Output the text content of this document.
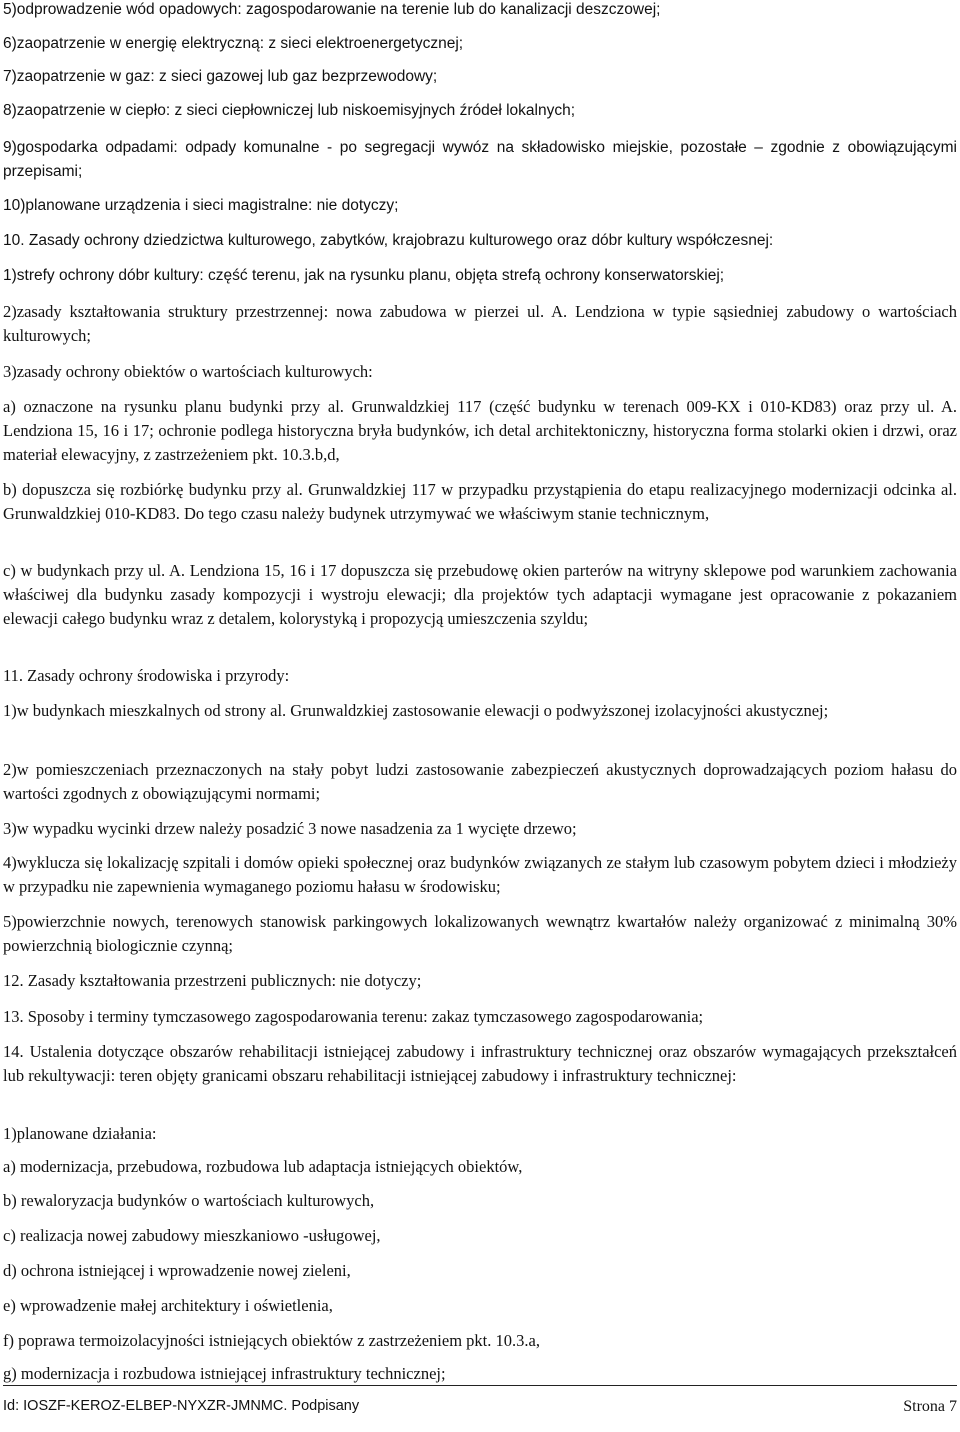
5)odprowadzenie wód opadowych: zagospodarowanie na terenie lub do kanalizacji deszczowej;

6)zaopatrzenie w energię elektryczną: z sieci elektroenergetycznej;

7)zaopatrzenie w gaz: z sieci gazowej lub gaz bezprzewodowy;

8)zaopatrzenie w ciepło: z sieci ciepłowniczej lub niskoemisyjnych źródeł lokalnych;

9)gospodarka odpadami: odpady komunalne - po segregacji wywóz na składowisko miejskie, pozostałe – zgodnie z obowiązującymi przepisami;

10)planowane urządzenia i sieci magistralne: nie dotyczy;

10. Zasady ochrony dziedzictwa kulturowego, zabytków, krajobrazu kulturowego oraz dóbr kultury współczesnej:

1)strefy ochrony dóbr kultury: część terenu, jak na rysunku planu, objęta strefą ochrony konserwatorskiej;

2)zasady kształtowania struktury przestrzennej: nowa zabudowa w pierzei ul. A. Lendziona w typie sąsiedniej zabudowy o wartościach kulturowych;

3)zasady ochrony obiektów o wartościach kulturowych:

a) oznaczone na rysunku planu budynki przy al. Grunwaldzkiej 117 (część budynku w terenach 009-KX i 010-KD83) oraz przy ul. A. Lendziona 15, 16 i 17; ochronie podlega historyczna bryła budynków, ich detal architektoniczny, historyczna forma stolarki okien i drzwi, oraz materiał elewacyjny, z zastrzeżeniem pkt. 10.3.b,d,

b) dopuszcza się rozbiórkę budynku przy al. Grunwaldzkiej 117 w przypadku przystąpienia do etapu realizacyjnego modernizacji odcinka al. Grunwaldzkiej 010-KD83. Do tego czasu należy budynek utrzymywać we właściwym stanie technicznym,

c) w budynkach przy ul. A. Lendziona 15, 16 i 17 dopuszcza się przebudowę okien parterów na witryny sklepowe pod warunkiem zachowania właściwej dla budynku zasady kompozycji i wystroju elewacji; dla projektów tych adaptacji wymagane jest opracowanie z pokazaniem elewacji całego budynku wraz z detalem, kolorystyką i propozycją umieszczenia szyldu;

11. Zasady ochrony środowiska i przyrody:

1)w budynkach mieszkalnych od strony al. Grunwaldzkiej zastosowanie elewacji o podwyższonej izolacyjności akustycznej;

2)w pomieszczeniach przeznaczonych na stały pobyt ludzi zastosowanie zabezpieczeń akustycznych doprowadzających poziom hałasu do wartości zgodnych z obowiązującymi normami;

3)w wypadku wycinki drzew należy posadzić 3 nowe nasadzenia za 1 wycięte drzewo;

4)wyklucza się lokalizację szpitali i domów opieki społecznej oraz budynków związanych ze stałym lub czasowym pobytem dzieci i młodzieży w przypadku nie zapewnienia wymaganego poziomu hałasu w środowisku;

5)powierzchnie nowych, terenowych stanowisk parkingowych lokalizowanych wewnątrz kwartałów należy organizować z minimalną 30% powierzchnią biologicznie czynną;

12. Zasady kształtowania przestrzeni publicznych: nie dotyczy;

13. Sposoby i terminy tymczasowego zagospodarowania terenu: zakaz tymczasowego zagospodarowania;

14. Ustalenia dotyczące obszarów rehabilitacji istniejącej zabudowy i infrastruktury technicznej oraz obszarów wymagających przekształceń lub rekultywacji: teren objęty granicami obszaru rehabilitacji istniejącej zabudowy i infrastruktury technicznej:

1)planowane działania:

a) modernizacja, przebudowa, rozbudowa lub adaptacja istniejących obiektów,

b) rewaloryzacja budynków o wartościach kulturowych,

c) realizacja nowej zabudowy mieszkaniowo -usługowej,

d) ochrona istniejącej i wprowadzenie nowej zieleni,

e) wprowadzenie małej architektury i oświetlenia,

f) poprawa termoizolacyjności istniejących obiektów z zastrzeżeniem pkt. 10.3.a,

g) modernizacja i rozbudowa istniejącej infrastruktury technicznej;

Id: IOSZF-KEROZ-ELBEP-NYXZR-JMNMC. Podpisany	Strona 7
